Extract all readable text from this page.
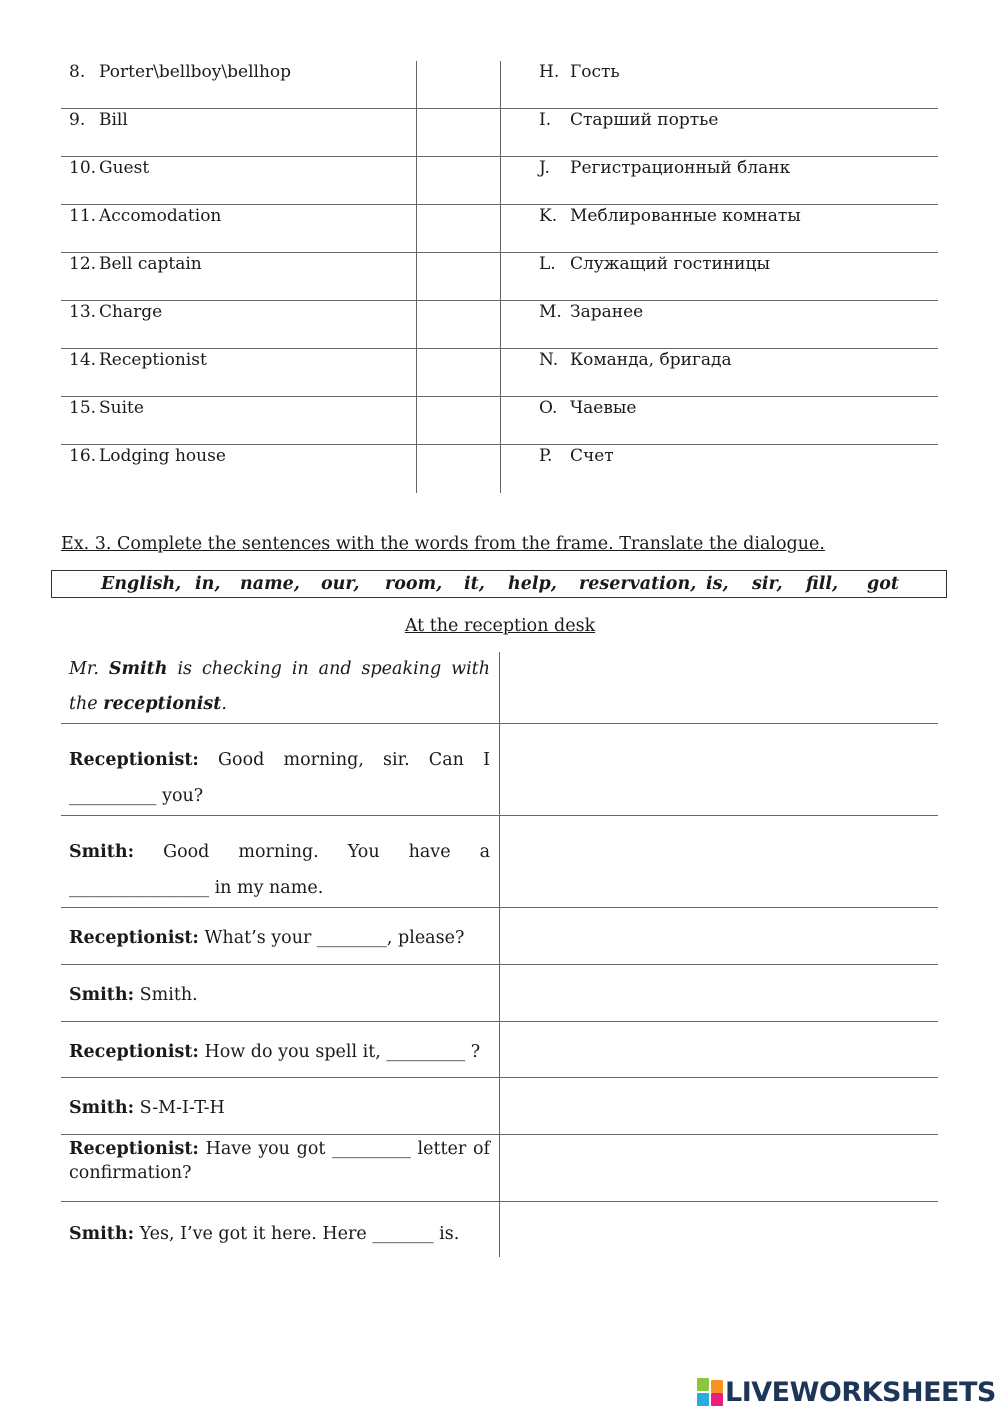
8. Porter\bellboy\bellhop	H. Гость
9. Bill	I. Старший портье
10. Guest	J. Регистрационный бланк
11. Accomodation	K. Меблированные комнаты
12. Bell captain	L. Служащий гостиницы
13. Charge	M. Заранее
14. Receptionist	N. Команда, бригада
15. Suite	O. Чаевые
16. Lodging house	P. Счет
Ex. 3. Complete the sentences with the words from the frame. Translate the dialogue.
English, in, name, our, room, it, help, reservation, is, sir, fill, got
At the reception desk
Mr. Smith is checking in and speaking with the receptionist.
Receptionist: Good morning, sir. Can I __________ you?
Smith: Good morning. You have a ________________ in my name.
Receptionist: What’s your ________, please?
Smith: Smith.
Receptionist: How do you spell it, _________ ?
Smith: S-M-I-T-H
Receptionist: Have you got _________ letter of confirmation?
Smith: Yes, I’ve got it here. Here _______ is.
LIVEWORKSHEETS
